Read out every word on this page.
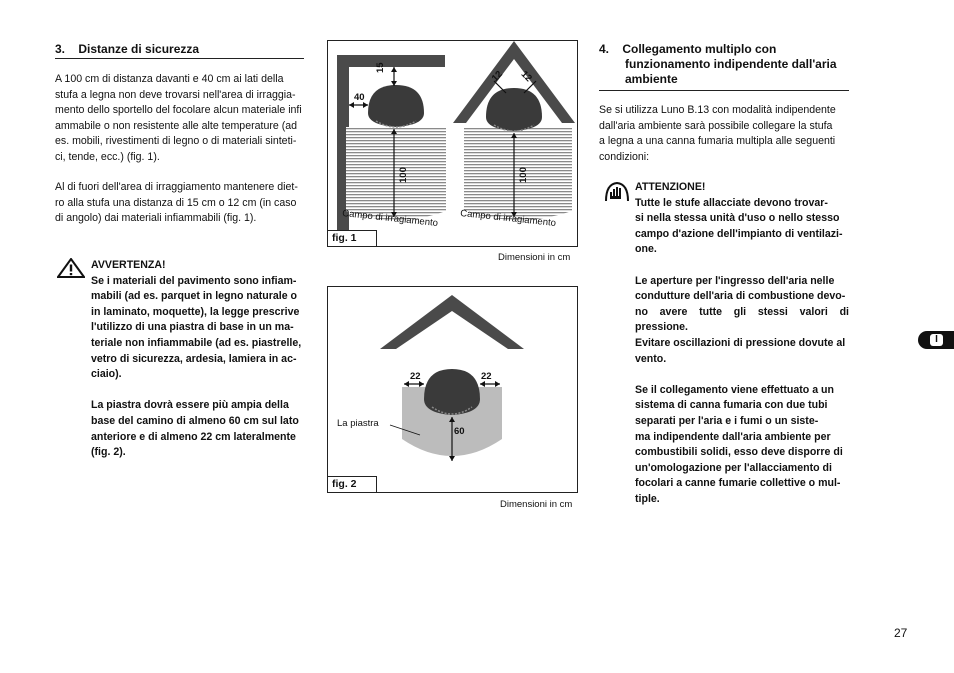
3.    Distanze di sicurezza
A 100 cm di distanza davanti e 40 cm ai lati della
stufa a legna non deve trovarsi nell'area di irraggia-
mento dello sportello del focolare alcun materiale infi
ammabile o non resistente alle alte temperature (ad
es. mobili, rivestimenti di legno o di materiali sinteti-
ci, tende, ecc.) (fig. 1).
Al di fuori dell'area di irraggiamento mantenere diet-
ro alla stufa una distanza di 15 cm o 12 cm (in caso
di angolo) dai materiali infiammabili (fig. 1).
AVVERTENZA!
Se i materiali del pavimento sono infiam-
mabili (ad es. parquet in legno naturale o
in laminato, moquette), la legge prescrive
l'utilizzo di una piastra di base in un ma-
teriale non infiammabile (ad es. piastrelle,
vetro di sicurezza, ardesia, lamiera in ac-
ciaio).
La piastra dovrà essere più ampia della
base del camino di almeno 60 cm sul lato
anteriore e di almeno 22 cm lateralmente
(fig. 2).
40
15
12 12
100	100
Campo di irragiamento Campo di irragiamento
fig. 1
Dimensioni in cm
22	22
60
La piastra
fig. 2
Dimensioni in cm
4.    Collegamento multiplo con
funzionamento indipendente dall'aria
ambiente
Se si utilizza Luno B.13 con modalità indipendente
dall'aria ambiente sarà possibile collegare la stufa
a legna a una canna fumaria multipla alle seguenti
condizioni:
ATTENZIONE!
Tutte le stufe allacciate devono trovar-
si nella stessa unità d'uso o nello stesso
campo d'azione dell'impianto di ventilazi-
one.
Le aperture per l'ingresso dell'aria nelle
condutture dell'aria di combustione devo-
no avere tutte gli stessi valori di pressione.
Evitare oscillazioni di pressione dovute al
vento.
Se il collegamento viene effettuato a un
sistema di canna fumaria con due tubi
separati per l'aria e i fumi o un siste-
ma indipendente dall'aria ambiente per
combustibili solidi, esso deve disporre di
un'omologazione per l'allacciamento di
focolari a canne fumarie collettive o mul-
tiple.
I
27
